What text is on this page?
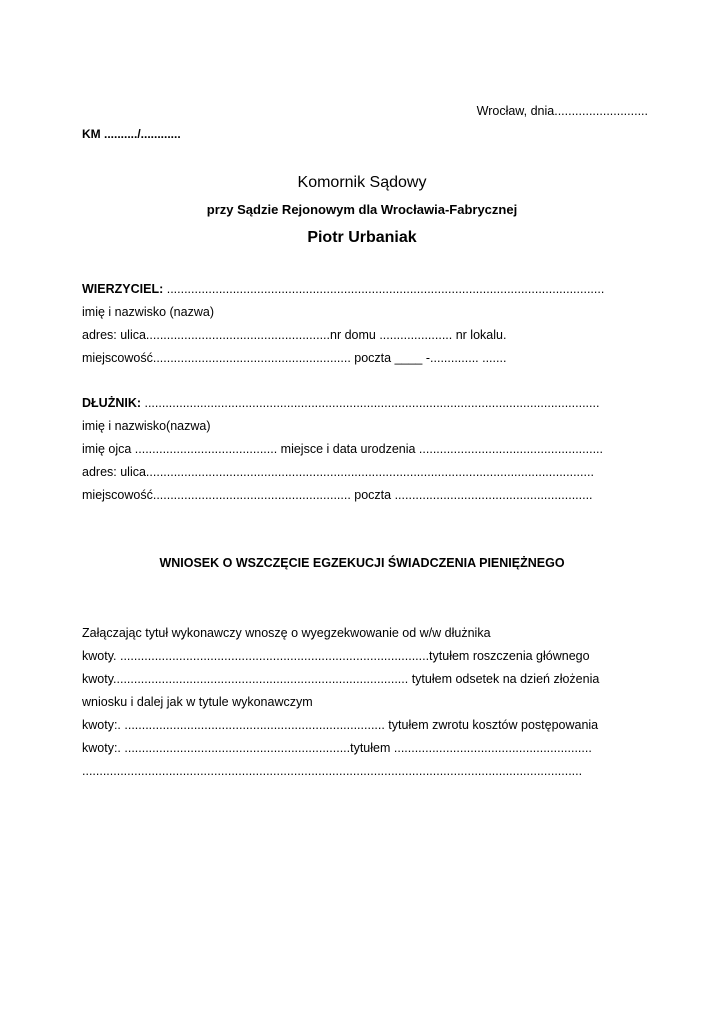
Wrocław, dnia...........................
KM ........../............
Komornik Sądowy
przy Sądzie Rejonowym dla Wrocławia-Fabrycznej
Piotr Urbaniak
WIERZYCIEL: ..............................................................................................................................
imię i nazwisko (nazwa)
adres: ulica.....................................................nr domu ..................... nr lokalu.
miejscowość......................................................... poczta ____ -.............. .......
DŁUŻNIK: ...................................................................................................................................
imię i nazwisko(nazwa)
imię ojca ......................................... miejsce i data urodzenia .....................................................
adres: ulica.................................................................................................................................
miejscowość......................................................... poczta .........................................................
WNIOSEK O WSZCZĘCIE EGZEKUCJI ŚWIADCZENIA PIENIĘŻNEGO
Załączając tytuł wykonawczy wnoszę o wyegzekwowanie od w/w dłużnika
kwoty. .........................................................................................tytułem roszczenia głównego
kwoty..................................................................................... tytułem odsetek na dzień złożenia
wniosku i dalej jak w tytule wykonawczym
kwoty:. ........................................................................... tytułem zwrotu kosztów postępowania
kwoty:. .................................................................tytułem .........................................................
................................................................................................................................................
